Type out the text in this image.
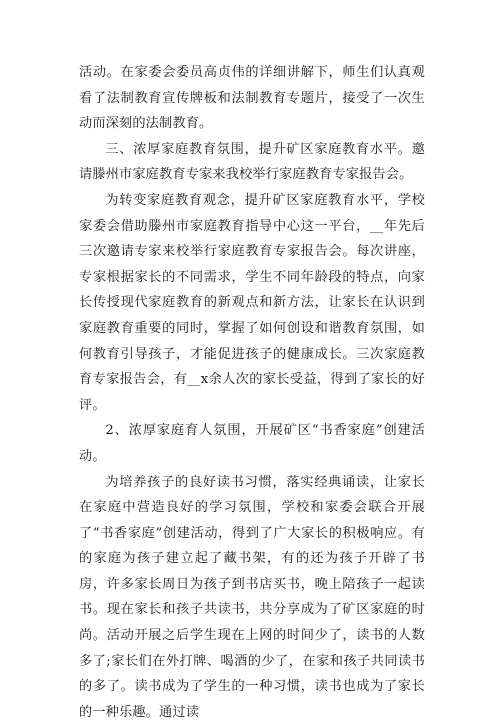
活动。在家委会委员高贞伟的详细讲解下，师生们认真观看了法制教育宣传牌板和法制教育专题片，接受了一次生动而深刻的法制教育。

三、浓厚家庭教育氛围，提升矿区家庭教育水平。邀请滕州市家庭教育专家来我校举行家庭教育专家报告会。

为转变家庭教育观念，提升矿区家庭教育水平，学校家委会借助滕州市家庭教育指导中心这一平台，__年先后三次邀请专家来校举行家庭教育专家报告会。每次讲座，专家根据家长的不同需求，学生不同年龄段的特点，向家长传授现代家庭教育的新观点和新方法，让家长在认识到家庭教育重要的同时，掌握了如何创设和谐教育氛围，如何教育引导孩子，才能促进孩子的健康成长。三次家庭教育专家报告会，有__x余人次的家长受益，得到了家长的好评。

2、浓厚家庭育人氛围，开展矿区“书香家庭”创建活动。

为培养孩子的良好读书习惯，落实经典诵读，让家长在家庭中营造良好的学习氛围，学校和家委会联合开展了“书香家庭”创建活动，得到了广大家长的积极响应。有的家庭为孩子建立起了藏书架，有的还为孩子开辟了书房，许多家长周日为孩子到书店买书，晚上陪孩子一起读书。现在家长和孩子共读书，共分享成为了矿区家庭的时尚。活动开展之后学生现在上网的时间少了，读书的人数多了;家长们在外打牌、喝酒的少了，在家和孩子共同读书的多了。读书成为了学生的一种习惯，读书也成为了家长的一种乐趣。通过读
